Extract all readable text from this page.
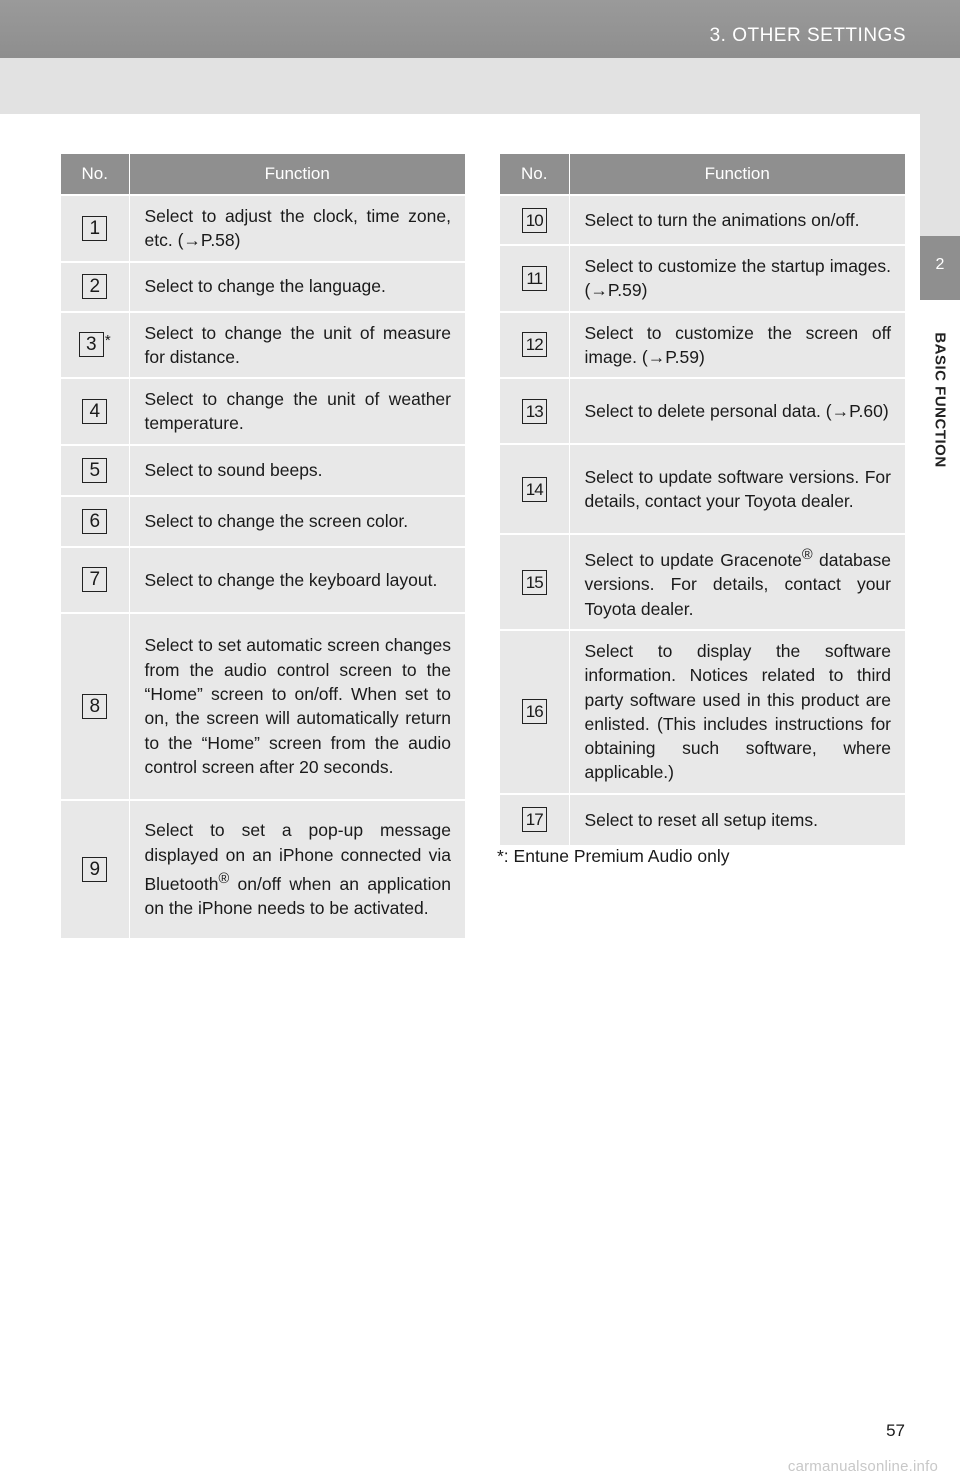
3. OTHER SETTINGS
2
BASIC FUNCTION
No.	Function
1	Select to adjust the clock, time zone, etc. (→P.58)
2	Select to change the language.
3 *	Select to change the unit of measure for distance.
4	Select to change the unit of weather temperature.
5	Select to sound beeps.
6	Select to change the screen color.
7	Select to change the keyboard layout.
8	Select to set automatic screen changes from the audio control screen to the “Home” screen to on/off. When set to on, the screen will automatically return to the “Home” screen from the audio control screen after 20 seconds.
9	Select to set a pop-up message displayed on an iPhone connected via Bluetooth® on/off when an application on the iPhone needs to be activated.
No.	Function
10	Select to turn the animations on/off.
11	Select to customize the startup images. (→P.59)
12	Select to customize the screen off image. (→P.59)
13	Select to delete personal data. (→P.60)
14	Select to update software versions. For details, contact your Toyota dealer.
15	Select to update Gracenote® database versions. For details, contact your Toyota dealer.
16	Select to display the software information. Notices related to third party software used in this product are enlisted. (This includes instructions for obtaining such software, where applicable.)
17	Select to reset all setup items.
*: Entune Premium Audio only
57
carmanualsonline.info
